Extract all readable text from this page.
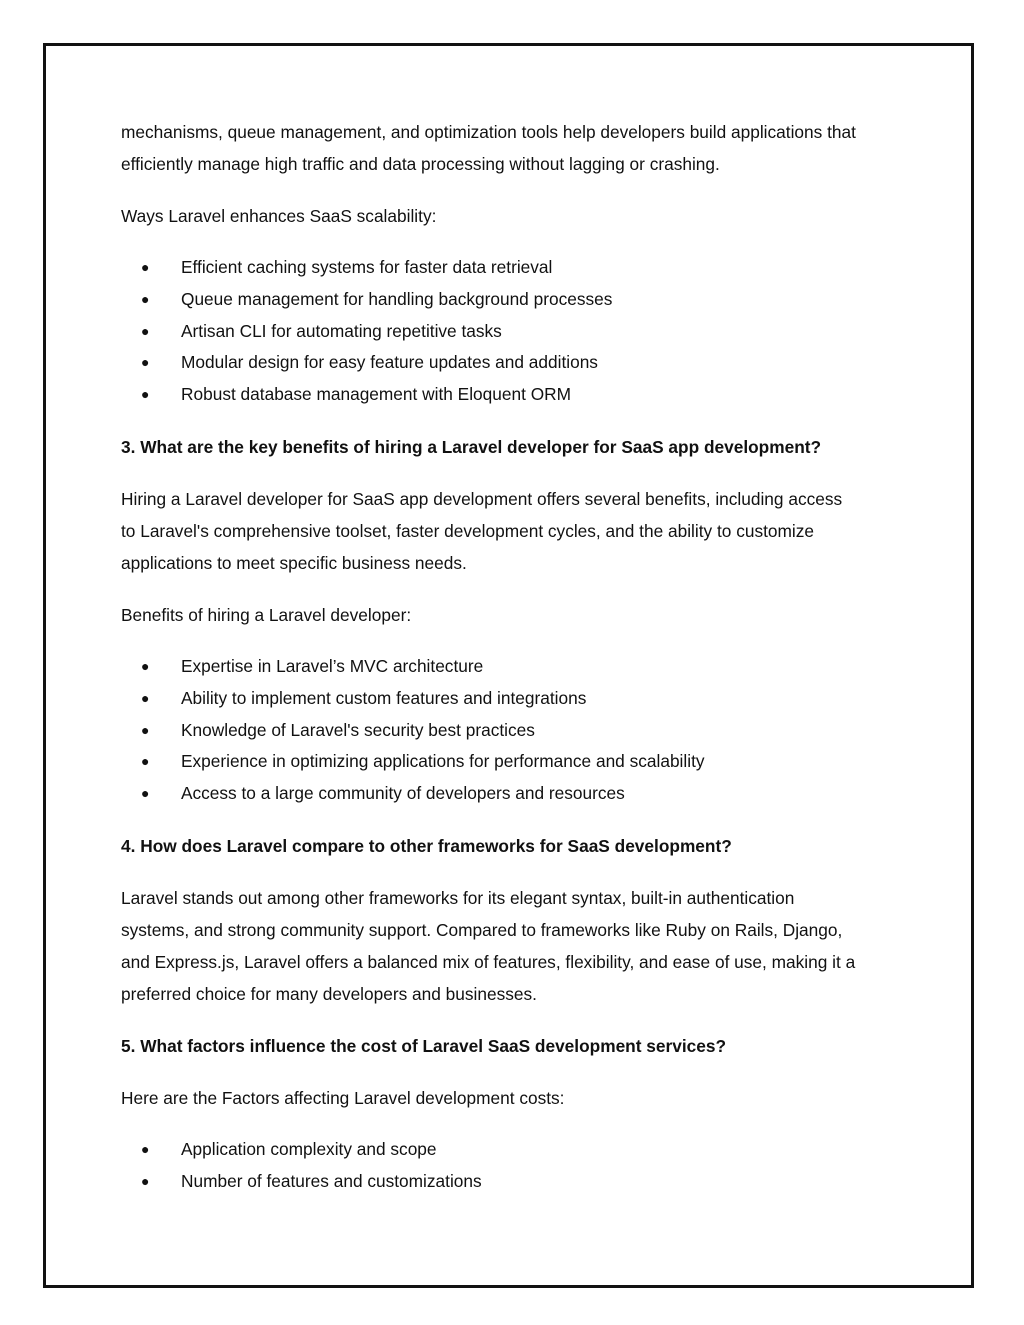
mechanisms, queue management, and optimization tools help developers build applications that

efficiently manage high traffic and data processing without lagging or crashing.

Ways Laravel enhances SaaS scalability:

● Efficient caching systems for faster data retrieval
● Queue management for handling background processes
● Artisan CLI for automating repetitive tasks
● Modular design for easy feature updates and additions
● Robust database management with Eloquent ORM

3. What are the key benefits of hiring a Laravel developer for SaaS app development?

Hiring a Laravel developer for SaaS app development offers several benefits, including access

to Laravel's comprehensive toolset, faster development cycles, and the ability to customize

applications to meet specific business needs.

Benefits of hiring a Laravel developer:

● Expertise in Laravel’s MVC architecture
● Ability to implement custom features and integrations
● Knowledge of Laravel's security best practices
● Experience in optimizing applications for performance and scalability
● Access to a large community of developers and resources

4. How does Laravel compare to other frameworks for SaaS development?

Laravel stands out among other frameworks for its elegant syntax, built-in authentication

systems, and strong community support. Compared to frameworks like Ruby on Rails, Django,

and Express.js, Laravel offers a balanced mix of features, flexibility, and ease of use, making it a

preferred choice for many developers and businesses.

5. What factors influence the cost of Laravel SaaS development services?

Here are the Factors affecting Laravel development costs:

● Application complexity and scope
● Number of features and customizations
